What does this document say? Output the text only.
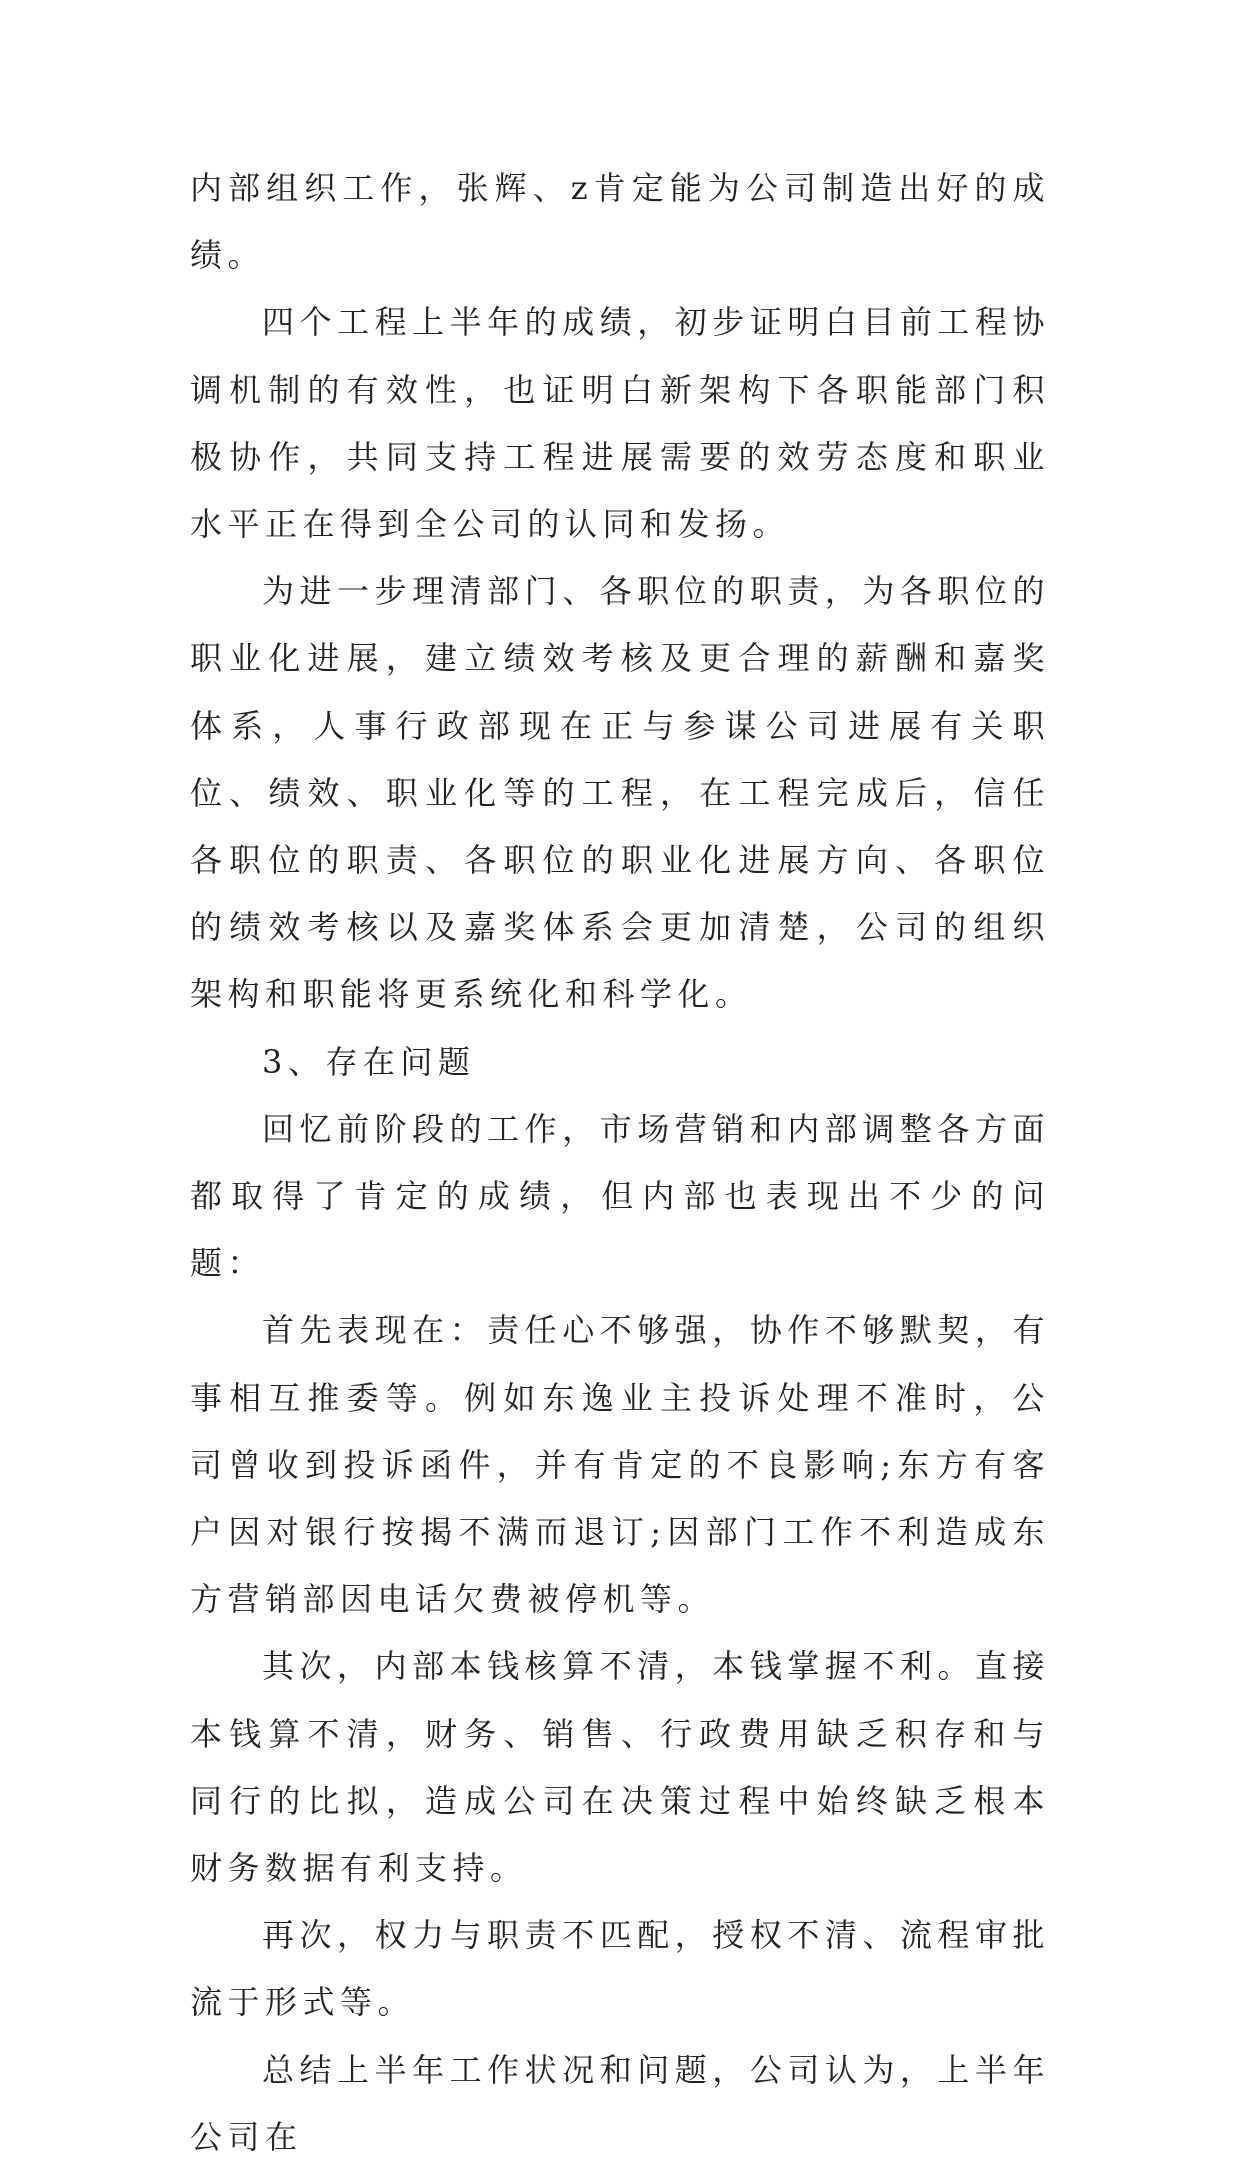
内部组织工作，张辉、z肯定能为公司制造出好的成绩。

四个工程上半年的成绩，初步证明白目前工程协调机制的有效性，也证明白新架构下各职能部门积极协作，共同支持工程进展需要的效劳态度和职业水平正在得到全公司的认同和发扬。

为进一步理清部门、各职位的职责，为各职位的职业化进展，建立绩效考核及更合理的薪酬和嘉奖体系，人事行政部现在正与参谋公司进展有关职位、绩效、职业化等的工程，在工程完成后，信任各职位的职责、各职位的职业化进展方向、各职位的绩效考核以及嘉奖体系会更加清楚，公司的组织架构和职能将更系统化和科学化。

3、存在问题

回忆前阶段的工作，市场营销和内部调整各方面都取得了肯定的成绩，但内部也表现出不少的问题：

首先表现在：责任心不够强，协作不够默契，有事相互推委等。例如东逸业主投诉处理不准时，公司曾收到投诉函件，并有肯定的不良影响;东方有客户因对银行按揭不满而退订;因部门工作不利造成东方营销部因电话欠费被停机等。

其次，内部本钱核算不清，本钱掌握不利。直接本钱算不清，财务、销售、行政费用缺乏积存和与同行的比拟，造成公司在决策过程中始终缺乏根本财务数据有利支持。

再次，权力与职责不匹配，授权不清、流程审批流于形式等。

总结上半年工作状况和问题，公司认为，上半年公司在
